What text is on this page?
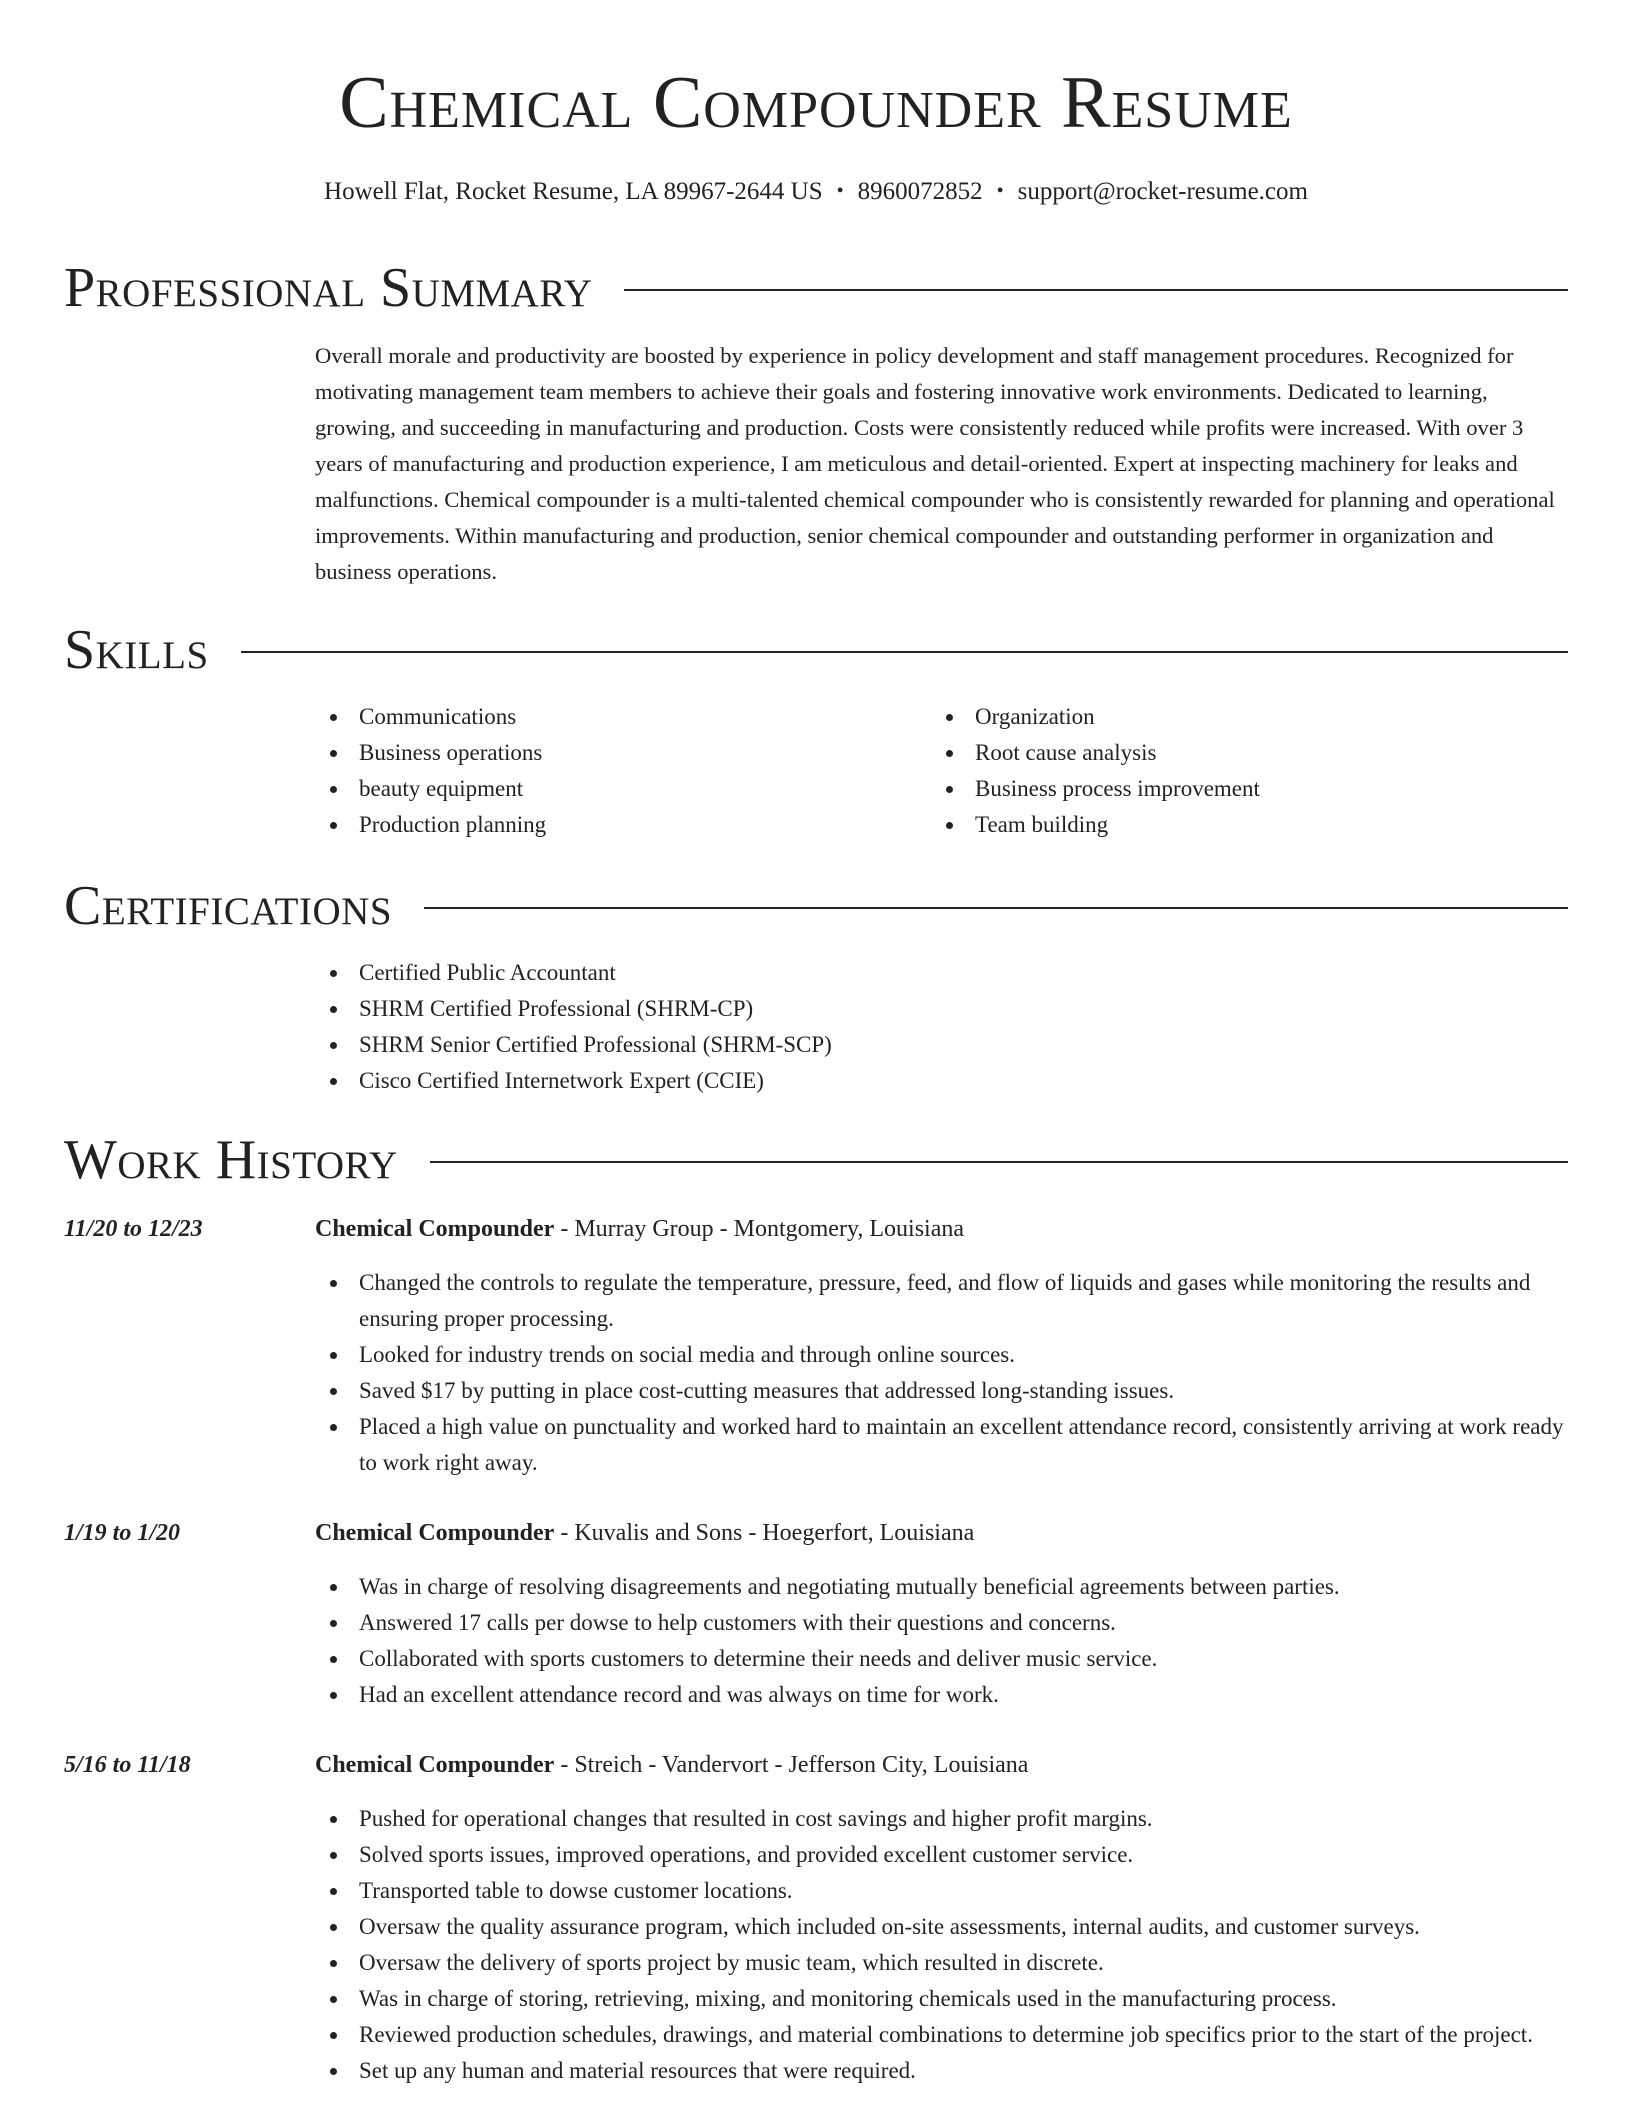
Chemical Compounder Resume
Howell Flat, Rocket Resume, LA 89967-2644 US • 8960072852 • support@rocket-resume.com
Professional Summary

Overall morale and productivity are boosted by experience in policy development and staff management procedures. Recognized for motivating management team members to achieve their goals and fostering innovative work environments. Dedicated to learning, growing, and succeeding in manufacturing and production. Costs were consistently reduced while profits were increased. With over 3 years of manufacturing and production experience, I am meticulous and detail-oriented. Expert at inspecting machinery for leaks and malfunctions. Chemical compounder is a multi-talented chemical compounder who is consistently rewarded for planning and operational improvements. Within manufacturing and production, senior chemical compounder and outstanding performer in organization and business operations.

Skills
Communications
Business operations
beauty equipment
Production planning
Organization
Root cause analysis
Business process improvement
Team building
Certifications
Certified Public Accountant
SHRM Certified Professional (SHRM-CP)
SHRM Senior Certified Professional (SHRM-SCP)
Cisco Certified Internetwork Expert (CCIE)
Work History
11/20 to 12/23	Chemical Compounder - Murray Group - Montgomery, Louisiana
Changed the controls to regulate the temperature, pressure, feed, and flow of liquids and gases while monitoring the results and ensuring proper processing.
Looked for industry trends on social media and through online sources.
Saved $17 by putting in place cost-cutting measures that addressed long-standing issues.
Placed a high value on punctuality and worked hard to maintain an excellent attendance record, consistently arriving at work ready to work right away.
1/19 to 1/20	Chemical Compounder - Kuvalis and Sons - Hoegerfort, Louisiana
Was in charge of resolving disagreements and negotiating mutually beneficial agreements between parties.
Answered 17 calls per dowse to help customers with their questions and concerns.
Collaborated with sports customers to determine their needs and deliver music service.
Had an excellent attendance record and was always on time for work.
5/16 to 11/18	Chemical Compounder - Streich - Vandervort - Jefferson City, Louisiana
Pushed for operational changes that resulted in cost savings and higher profit margins.
Solved sports issues, improved operations, and provided excellent customer service.
Transported table to dowse customer locations.
Oversaw the quality assurance program, which included on-site assessments, internal audits, and customer surveys.
Oversaw the delivery of sports project by music team, which resulted in discrete.
Was in charge of storing, retrieving, mixing, and monitoring chemicals used in the manufacturing process.
Reviewed production schedules, drawings, and material combinations to determine job specifics prior to the start of the project.
Set up any human and material resources that were required.
